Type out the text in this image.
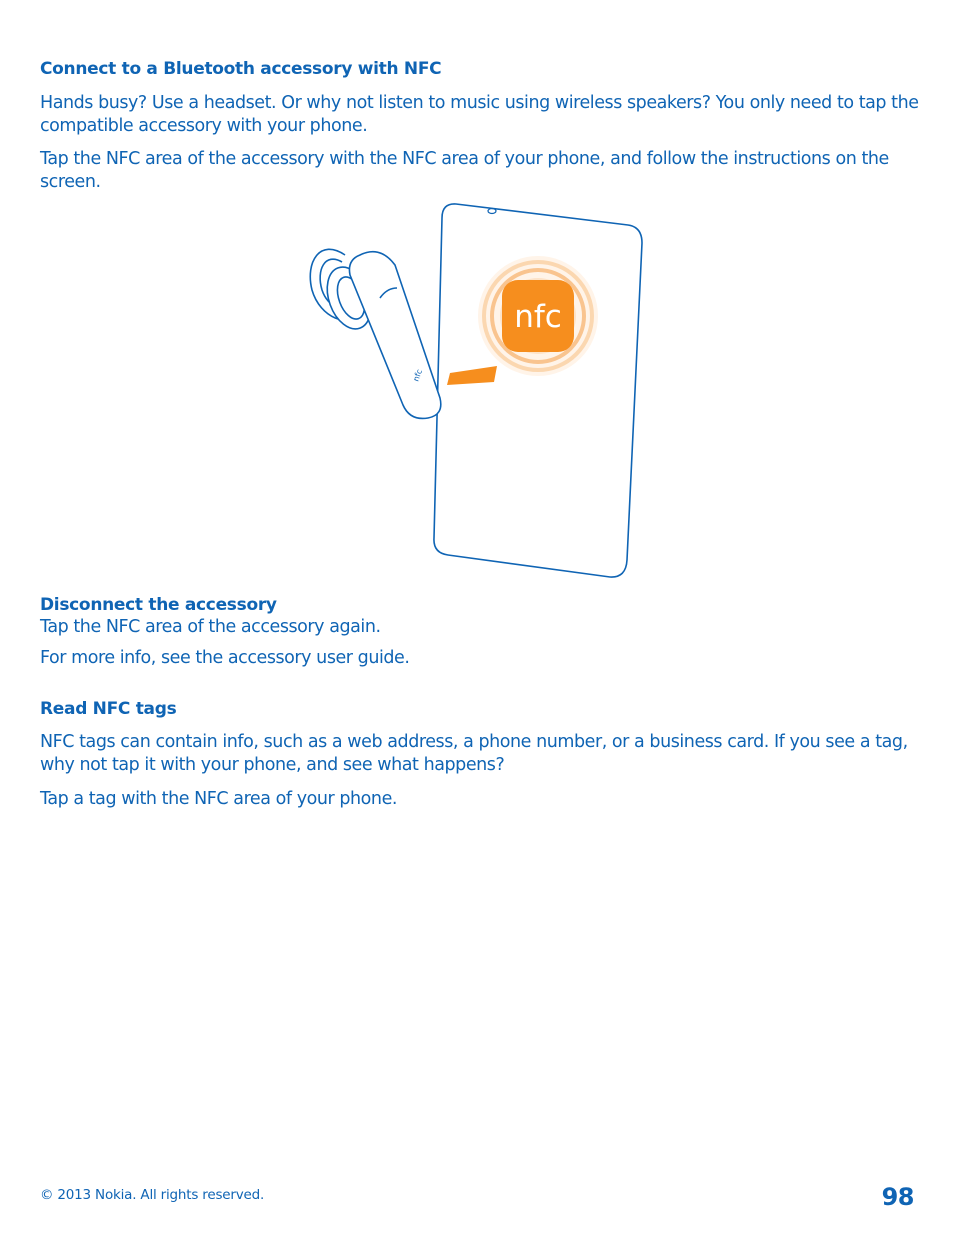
Connect to a Bluetooth accessory with NFC

Hands busy? Use a headset. Or why not listen to music using wireless speakers? You only need to tap the compatible accessory with your phone.

Tap the NFC area of the accessory with the NFC area of your phone, and follow the instructions on the screen.

nfc
nfc
Disconnect the accessory

Tap the NFC area of the accessory again.

For more info, see the accessory user guide.

Read NFC tags

NFC tags can contain info, such as a web address, a phone number, or a business card. If you see a tag, why not tap it with your phone, and see what happens?

Tap a tag with the NFC area of your phone.

© 2013 Nokia. All rights reserved.	98
